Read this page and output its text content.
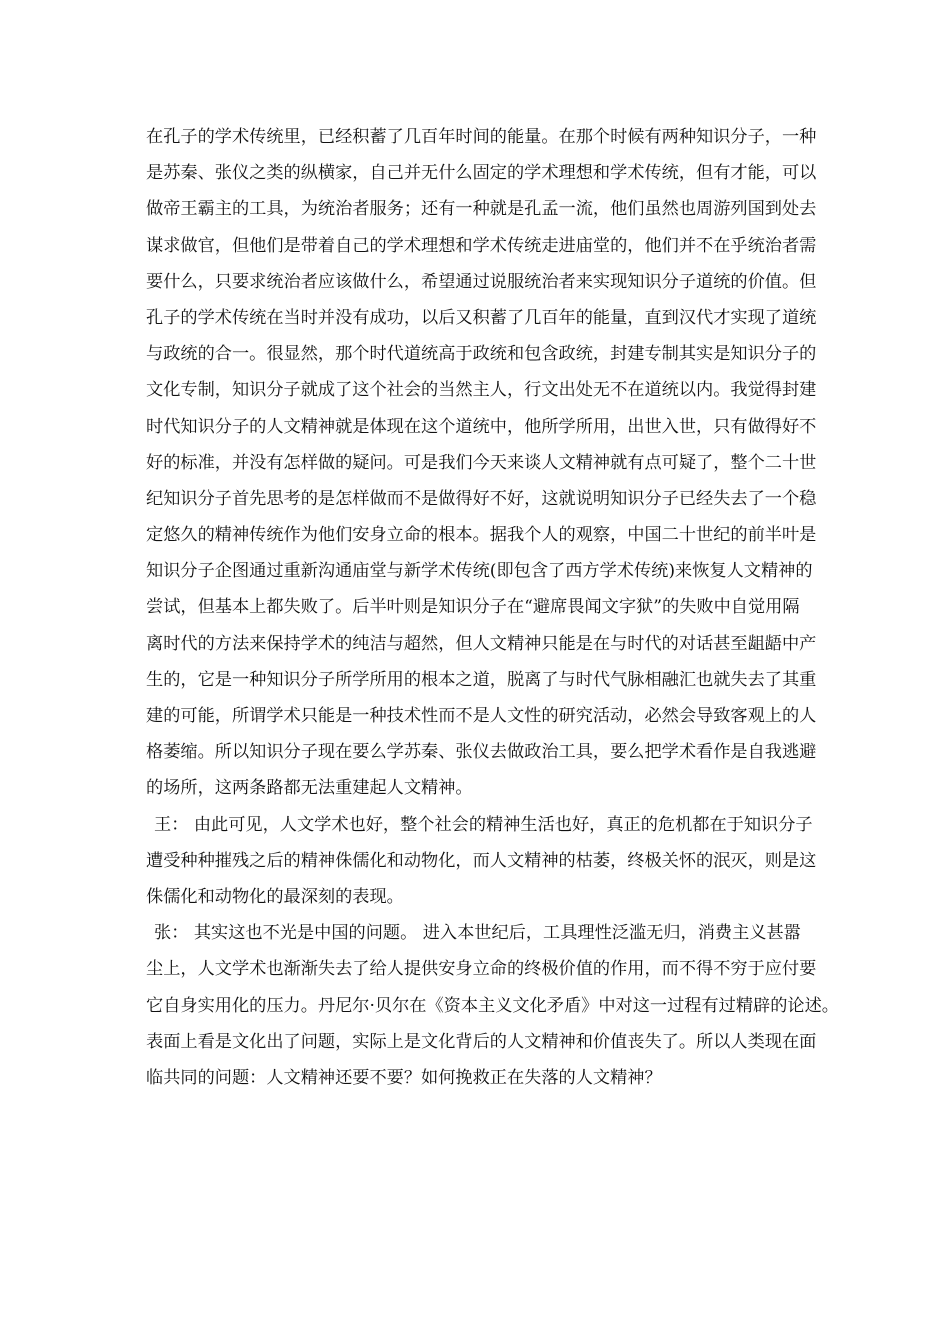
在孔子的学术传统里，已经积蓄了几百年时间的能量。在那个时候有两种知识分子，一种
是苏秦、张仪之类的纵横家，自己并无什么固定的学术理想和学术传统，但有才能，可以
做帝王霸主的工具，为统治者服务；还有一种就是孔孟一流，他们虽然也周游列国到处去
谋求做官，但他们是带着自己的学术理想和学术传统走进庙堂的，他们并不在乎统治者需
要什么，只要求统治者应该做什么，希望通过说服统治者来实现知识分子道统的价值。但
孔子的学术传统在当时并没有成功，以后又积蓄了几百年的能量，直到汉代才实现了道统
与政统的合一。很显然，那个时代道统高于政统和包含政统，封建专制其实是知识分子的
文化专制，知识分子就成了这个社会的当然主人，行文出处无不在道统以内。我觉得封建
时代知识分子的人文精神就是体现在这个道统中，他所学所用，出世入世，只有做得好不
好的标准，并没有怎样做的疑问。可是我们今天来谈人文精神就有点可疑了，整个二十世
纪知识分子首先思考的是怎样做而不是做得好不好，这就说明知识分子已经失去了一个稳
定悠久的精神传统作为他们安身立命的根本。据我个人的观察，中国二十世纪的前半叶是
知识分子企图通过重新沟通庙堂与新学术传统(即包含了西方学术传统)来恢复人文精神的
尝试，但基本上都失败了。后半叶则是知识分子在“避席畏闻文字狱”的失败中自觉用隔
离时代的方法来保持学术的纯洁与超然，但人文精神只能是在与时代的对话甚至龃龉中产
生的，它是一种知识分子所学所用的根本之道，脱离了与时代气脉相融汇也就失去了其重
建的可能，所谓学术只能是一种技术性而不是人文性的研究活动，必然会导致客观上的人
格萎缩。所以知识分子现在要么学苏秦、张仪去做政治工具，要么把学术看作是自我逃避
的场所，这两条路都无法重建起人文精神。
王： 由此可见，人文学术也好，整个社会的精神生活也好，真正的危机都在于知识分子
遭受种种摧残之后的精神侏儒化和动物化，而人文精神的枯萎，终极关怀的泯灭，则是这
侏儒化和动物化的最深刻的表现。
张： 其实这也不光是中国的问题。 进入本世纪后，工具理性泛滥无归，消费主义甚嚣
尘上，人文学术也渐渐失去了给人提供安身立命的终极价值的作用，而不得不穷于应付要
它自身实用化的压力。丹尼尔·贝尔在《资本主义文化矛盾》中对这一过程有过精辟的论述。
表面上看是文化出了问题，实际上是文化背后的人文精神和价值丧失了。所以人类现在面
临共同的问题：人文精神还要不要？如何挽救正在失落的人文精神？
